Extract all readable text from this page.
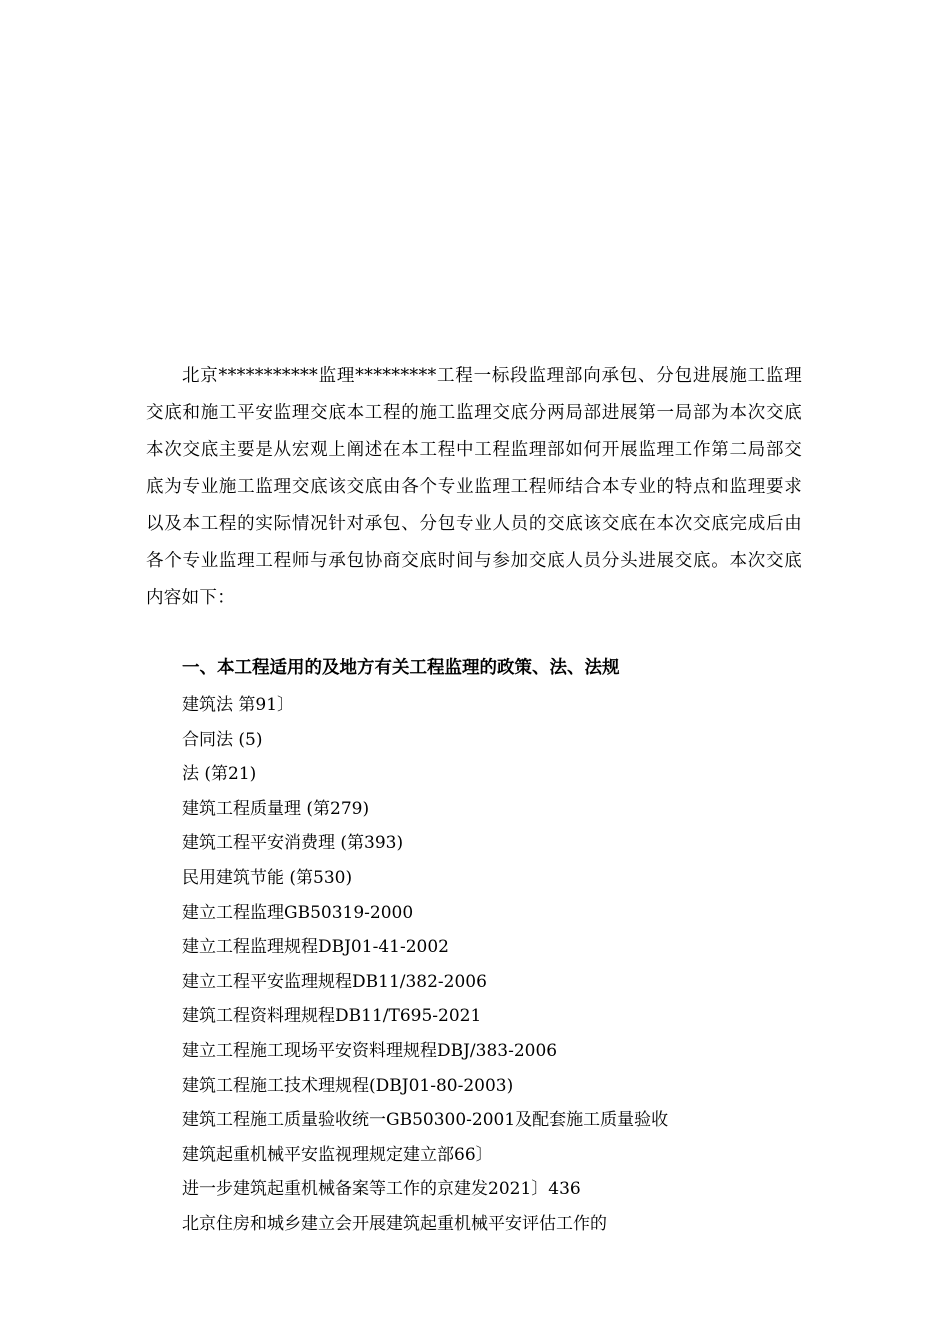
北京***********监理*********工程一标段监理部向承包、分包进展施工监理交底和施工平安监理交底本工程的施工监理交底分两局部进展第一局部为本次交底本次交底主要是从宏观上阐述在本工程中工程监理部如何开展监理工作第二局部交底为专业施工监理交底该交底由各个专业监理工程师结合本专业的特点和监理要求以及本工程的实际情况针对承包、分包专业人员的交底该交底在本次交底完成后由各个专业监理工程师与承包协商交底时间与参加交底人员分头进展交底。本次交底内容如下：

一、本工程适用的及地方有关工程监理的政策、法、法规
建筑法 第91〕
合同法 (5)
法 (第21)
建筑工程质量理 (第279)
建筑工程平安消费理 (第393)
民用建筑节能 (第530)
建立工程监理GB50319-2000
建立工程监理规程DBJ01-41-2002
建立工程平安监理规程DB11/382-2006
建筑工程资料理规程DB11/T695-2021
建立工程施工现场平安资料理规程DBJ/383-2006
建筑工程施工技术理规程(DBJ01-80-2003)
建筑工程施工质量验收统一GB50300-2001及配套施工质量验收
建筑起重机械平安监视理规定建立部66〕
进一步建筑起重机械备案等工作的京建发2021〕436
北京住房和城乡建立会开展建筑起重机械平安评估工作的
